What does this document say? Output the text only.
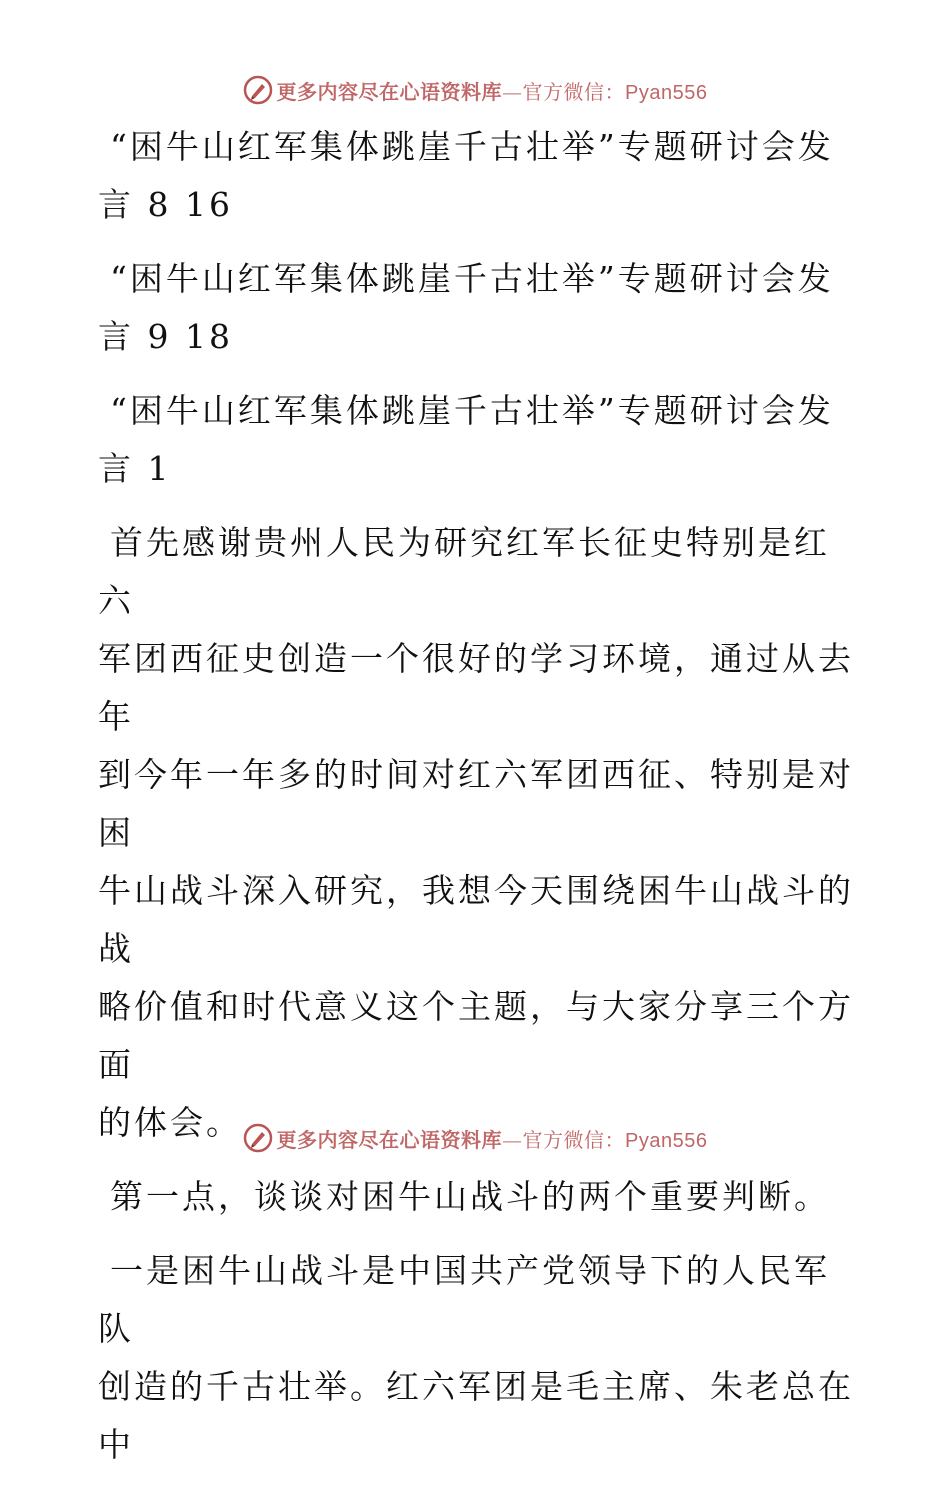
更多内容尽在心语资料库—官方微信：Pyan556
“困牛山红军集体跳崖千古壮举”专题研讨会发
言 8 16
“困牛山红军集体跳崖千古壮举”专题研讨会发
言 9 18
“困牛山红军集体跳崖千古壮举”专题研讨会发
言 1
首先感谢贵州人民为研究红军长征史特别是红六
军团西征史创造一个很好的学习环境，通过从去年
到今年一年多的时间对红六军团西征、特别是对困
牛山战斗深入研究，我想今天围绕困牛山战斗的战
略价值和时代意义这个主题，与大家分享三个方面
的体会。
第一点，谈谈对困牛山战斗的两个重要判断。
一是困牛山战斗是中国共产党领导下的人民军队
创造的千古壮举。红六军团是毛主席、朱老总在中
更多内容尽在心语资料库—官方微信：Pyan556
